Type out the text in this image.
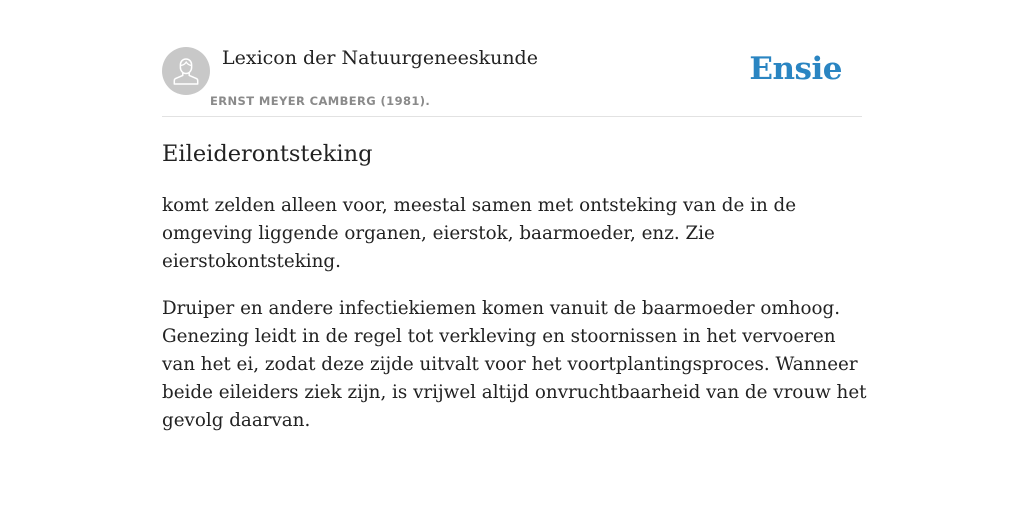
Lexicon der Natuurgeneeskunde
ERNST MEYER CAMBERG (1981).
Ensie
Eileiderontsteking

komt zelden alleen voor, meestal samen met ontsteking van de in de omgeving liggende organen, eierstok, baarmoeder, enz. Zie eierstokontsteking.

Druiper en andere infectiekiemen komen vanuit de baarmoeder omhoog. Genezing leidt in de regel tot verkleving en stoornissen in het vervoeren van het ei, zodat deze zijde uitvalt voor het voortplantingsproces. Wanneer beide eileiders ziek zijn, is vrijwel altijd onvruchtbaarheid van de vrouw het gevolg daarvan.
